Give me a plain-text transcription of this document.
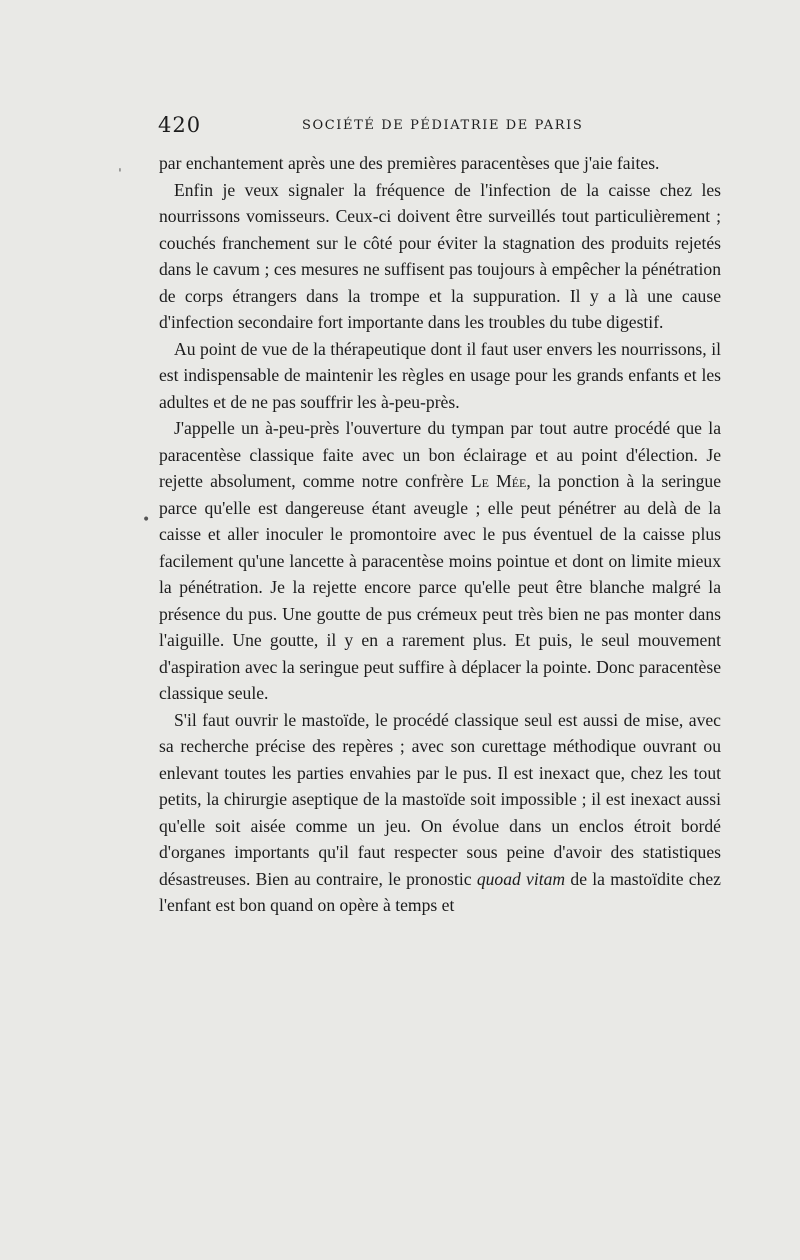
420	SOCIÉTÉ DE PÉDIATRIE DE PARIS
ˌ
•

par enchantement après une des premières paracentèses que j'aie faites.

Enfin je veux signaler la fréquence de l'infection de la caisse chez les nourrissons vomisseurs. Ceux-ci doivent être surveillés tout particulièrement ; couchés franchement sur le côté pour éviter la stagnation des produits rejetés dans le cavum ; ces mesures ne suffisent pas toujours à empêcher la pénétration de corps étrangers dans la trompe et la suppuration. Il y a là une cause d'infection secondaire fort importante dans les troubles du tube digestif.

Au point de vue de la thérapeutique dont il faut user envers les nourrissons, il est indispensable de maintenir les règles en usage pour les grands enfants et les adultes et de ne pas souffrir les à-peu-près.

J'appelle un à-peu-près l'ouverture du tympan par tout autre procédé que la paracentèse classique faite avec un bon éclairage et au point d'élection. Je rejette absolument, comme notre confrère Le Mée, la ponction à la seringue parce qu'elle est dangereuse étant aveugle ; elle peut pénétrer au delà de la caisse et aller inoculer le promontoire avec le pus éventuel de la caisse plus facilement qu'une lancette à paracentèse moins pointue et dont on limite mieux la pénétration. Je la rejette encore parce qu'elle peut être blanche malgré la présence du pus. Une goutte de pus crémeux peut très bien ne pas monter dans l'aiguille. Une goutte, il y en a rarement plus. Et puis, le seul mouvement d'aspiration avec la seringue peut suffire à déplacer la pointe. Donc paracentèse classique seule.

S'il faut ouvrir le mastoïde, le procédé classique seul est aussi de mise, avec sa recherche précise des repères ; avec son curettage méthodique ouvrant ou enlevant toutes les parties envahies par le pus. Il est inexact que, chez les tout petits, la chirurgie aseptique de la mastoïde soit impossible ; il est inexact aussi qu'elle soit aisée comme un jeu. On évolue dans un enclos étroit bordé d'organes importants qu'il faut respecter sous peine d'avoir des statistiques désastreuses. Bien au contraire, le pronostic quoad vitam de la mastoïdite chez l'enfant est bon quand on opère à temps et
